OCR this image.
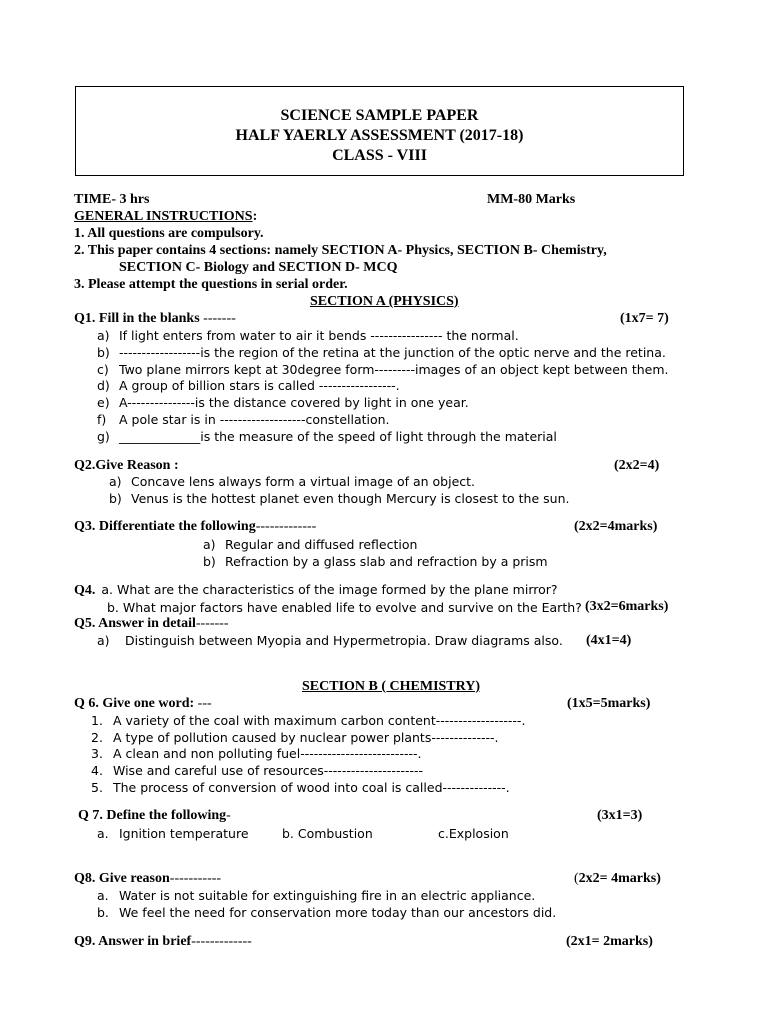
SCIENCE SAMPLE PAPER
HALF YAERLY ASSESSMENT (2017-18)
CLASS - VIII
TIME- 3 hrs	MM-80 Marks
GENERAL INSTRUCTIONS:
1. All questions are compulsory.
2. This paper contains 4 sections: namely SECTION A- Physics, SECTION B- Chemistry,
SECTION C- Biology and SECTION D- MCQ
3. Please attempt the questions in serial order.
SECTION A (PHYSICS)
Q1. Fill in the blanks -------	(1x7= 7)
a) If light enters from water to air it bends ---------------- the normal.
b) ------------------is the region of the retina at the junction of the optic nerve and the retina.
c) Two plane mirrors kept at 30degree form---------images of an object kept between them.
d) A group of billion stars is called -----------------.
e) A---------------is the distance covered by light in one year.
f) A pole star is in -------------------constellation.
g) _____________is the measure of the speed of light through the material
Q2.Give Reason :	(2x2=4)
a) Concave lens always form a virtual image of an object.
b) Venus is the hottest planet even though Mercury is closest to the sun.
Q3. Differentiate the following-------------	(2x2=4marks)
a) Regular and diffused reflection
b) Refraction by a glass slab and refraction by a prism
Q4. a. What are the characteristics of the image formed by the plane mirror?
b. What major factors have enabled life to evolve and survive on the Earth? (3x2=6marks)
Q5. Answer in detail-------
a) Distinguish between Myopia and Hypermetropia. Draw diagrams also. (4x1=4)
SECTION B ( CHEMISTRY)
Q 6. Give one word: ---	(1x5=5marks)
1. A variety of the coal with maximum carbon content-------------------.
2. A type of pollution caused by nuclear power plants--------------.
3. A clean and non polluting fuel--------------------------.
4. Wise and careful use of resources----------------------
5. The process of conversion of wood into coal is called--------------.
Q 7. Define the following-	(3x1=3)
a. Ignition temperature	b. Combustion	c.Explosion
Q8. Give reason-----------	(2x2= 4marks)
a. Water is not suitable for extinguishing fire in an electric appliance.
b. We feel the need for conservation more today than our ancestors did.
Q9. Answer in brief-------------	(2x1= 2marks)
